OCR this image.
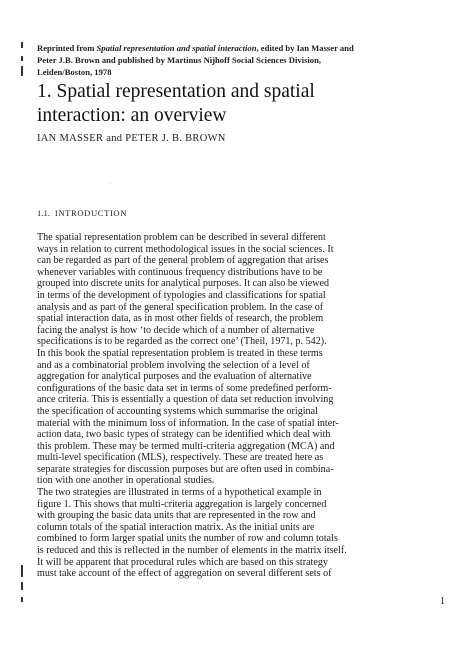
ˎ
Reprinted from Spatial representation and spatial interaction, edited by Ian Masser and
Peter J.B. Brown and published by Martinus Nijhoff Social Sciences Division,
Leiden/Boston, 1978
1. Spatial representation and spatial
interaction: an overview
IAN MASSER and PETER J. B. BROWN
1.1. INTRODUCTION
The spatial representation problem can be described in several different
ways in relation to current methodological issues in the social sciences. It
can be regarded as part of the general problem of aggregation that arises
whenever variables with continuous frequency distributions have to be
grouped into discrete units for analytical purposes. It can also be viewed
in terms of the development of typologies and classifications for spatial
analysis and as part of the general specification problem. In the case of
spatial interaction data, as in most other fields of research, the problem
facing the analyst is how ‘to decide which of a number of alternative
specifications is to be regarded as the correct one’ (Theil, 1971, p. 542).
In this book the spatial representation problem is treated in these terms
and as a combinatorial problem involving the selection of a level of
aggregation for analytical purposes and the evaluation of alternative
configurations of the basic data set in terms of some predefined perform-
ance criteria. This is essentially a question of data set reduction involving
the specification of accounting systems which summarise the original
material with the minimum loss of information. In the case of spatial inter-
action data, two basic types of strategy can be identified which deal with
this problem. These may be termed multi-criteria aggregation (MCA) and
multi-level specification (MLS), respectively. These are treated here as
separate strategies for discussion purposes but are often used in combina-
tion with one another in operational studies.
The two strategies are illustrated in terms of a hypothetical example in
figure 1. This shows that multi-criteria aggregation is largely concerned
with grouping the basic data units that are represented in the row and
column totals of the spatial interaction matrix. As the initial units are
combined to form larger spatial units the number of row and column totals
is reduced and this is reflected in the number of elements in the matrix itself.
It will be apparent that procedural rules which are based on this strategy
must take account of the effect of aggregation on several different sets of
1
